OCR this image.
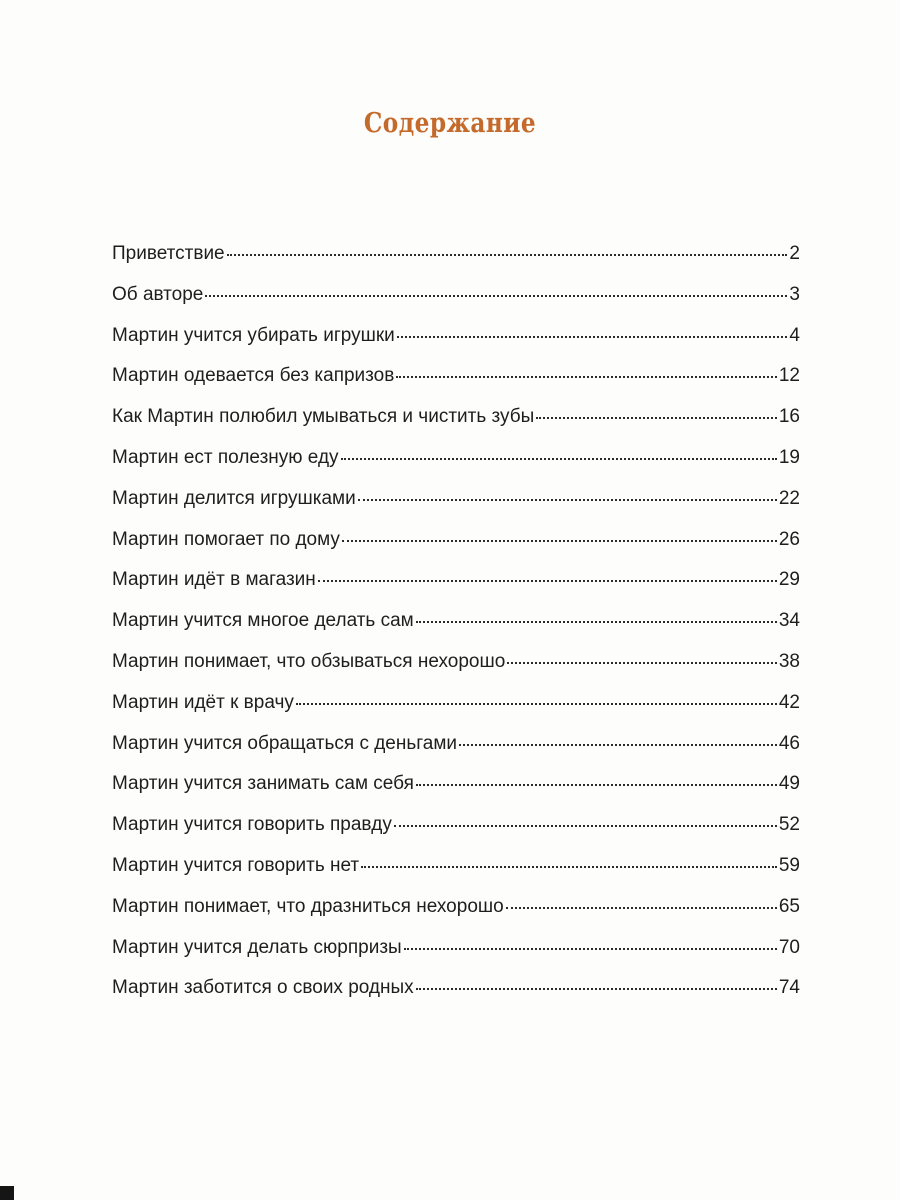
Содержание
Приветствие	2
Об авторе	3
Мартин учится убирать игрушки	4
Мартин одевается без капризов	12
Как Мартин полюбил умываться и чистить зубы	16
Мартин ест полезную еду	19
Мартин делится игрушками	22
Мартин помогает по дому	26
Мартин идёт в магазин	29
Мартин учится многое делать сам	34
Мартин понимает, что обзываться нехорошо	38
Мартин идёт к врачу	42
Мартин учится обращаться с деньгами	46
Мартин учится занимать сам себя	49
Мартин учится говорить правду	52
Мартин учится говорить нет	59
Мартин понимает, что дразниться нехорошо	65
Мартин учится делать сюрпризы	70
Мартин заботится о своих родных	74
